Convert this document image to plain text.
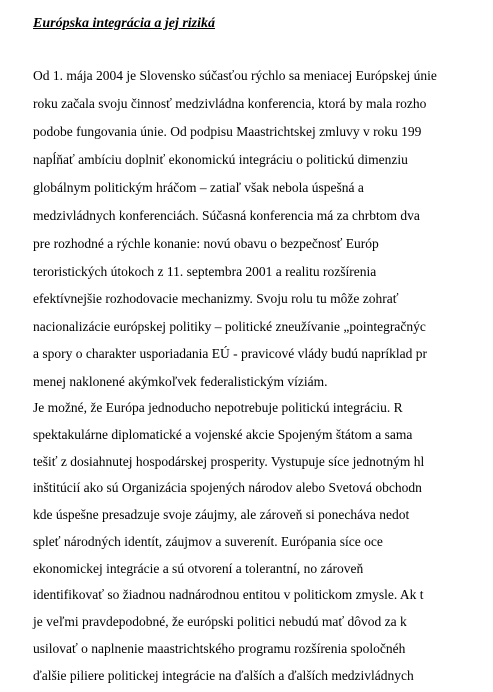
Európska integrácia a jej riziká
Od 1. mája 2004 je Slovensko súčasťou rýchlo sa meniacej Európskej únie
roku začala svoju činnosť medzivládna konferencia, ktorá by mala rozho
podobe fungovania únie. Od podpisu Maastrichtskej zmluvy v roku 199
napĺňať ambíciu doplniť ekonomickú integráciu o politickú dimenziu
globálnym politickým hráčom – zatiaľ však nebola úspešná a
medzivládnych konferenciách. Súčasná konferencia má za chrbtom dva
pre rozhodné a rýchle konanie: novú obavu o bezpečnosť Európ
teroristických útokoch z 11. septembra 2001 a realitu rozšírenia
efektívnejšie rozhodovacie mechanizmy. Svoju rolu tu môže zohrať
nacionalizácie európskej politiky – politické zneužívanie „pointegračnýc
a spory o charakter usporiadania EÚ - pravicové vlády budú napríklad pr
menej naklonené akýmkoľvek federalistickým víziám.
Je možné, že Európa jednoducho nepotrebuje politickú integráciu. R
spektakulárne diplomatické a vojenské akcie Spojeným štátom a sama
tešiť z dosiahnutej hospodárskej prosperity. Vystupuje síce jednotným hl
inštitúcií ako sú Organizácia spojených národov alebo Svetová obchodn
kde úspešne presadzuje svoje záujmy, ale zároveň si ponecháva nedot
spleť národných identít, záujmov a suverenít. Európania síce oce
ekonomickej integrácie a sú otvorení a tolerantní, no zároveň
identifikovať so žiadnou nadnárodnou entitou v politickom zmysle. Ak t
je veľmi pravdepodobné, že európski politici nebudú mať dôvod za k
usilovať o naplnenie maastrichtského programu rozšírenia spoločnéh
ďalšie piliere politickej integrácie na ďalších a ďalších medzivládnych
